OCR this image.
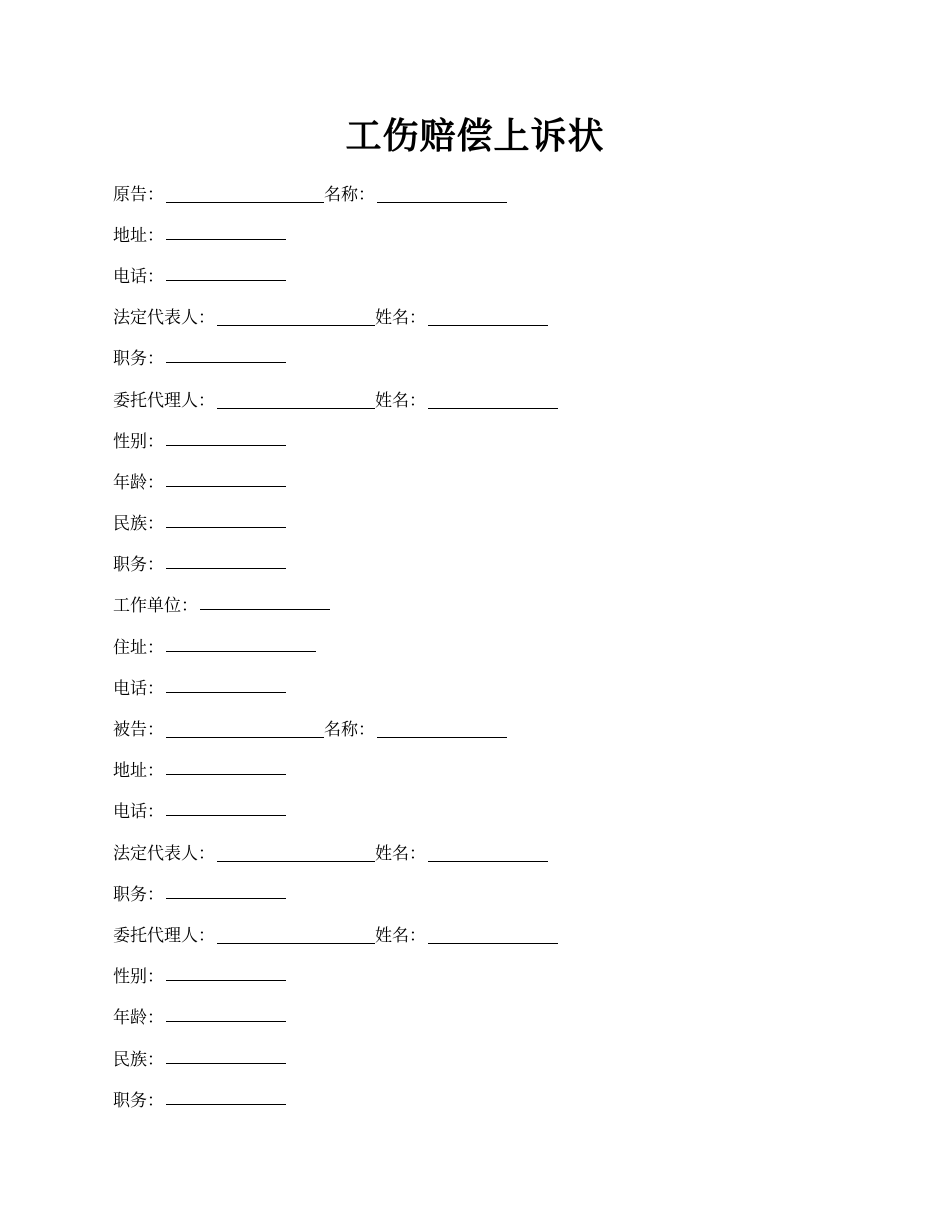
工伤赔偿上诉状
原告：	名称：
地址：
电话：
法定代表人：	姓名：
职务：
委托代理人：	姓名：
性别：
年龄：
民族：
职务：
工作单位：
住址：
电话：
被告：	名称：
地址：
电话：
法定代表人：	姓名：
职务：
委托代理人：	姓名：
性别：
年龄：
民族：
职务：
